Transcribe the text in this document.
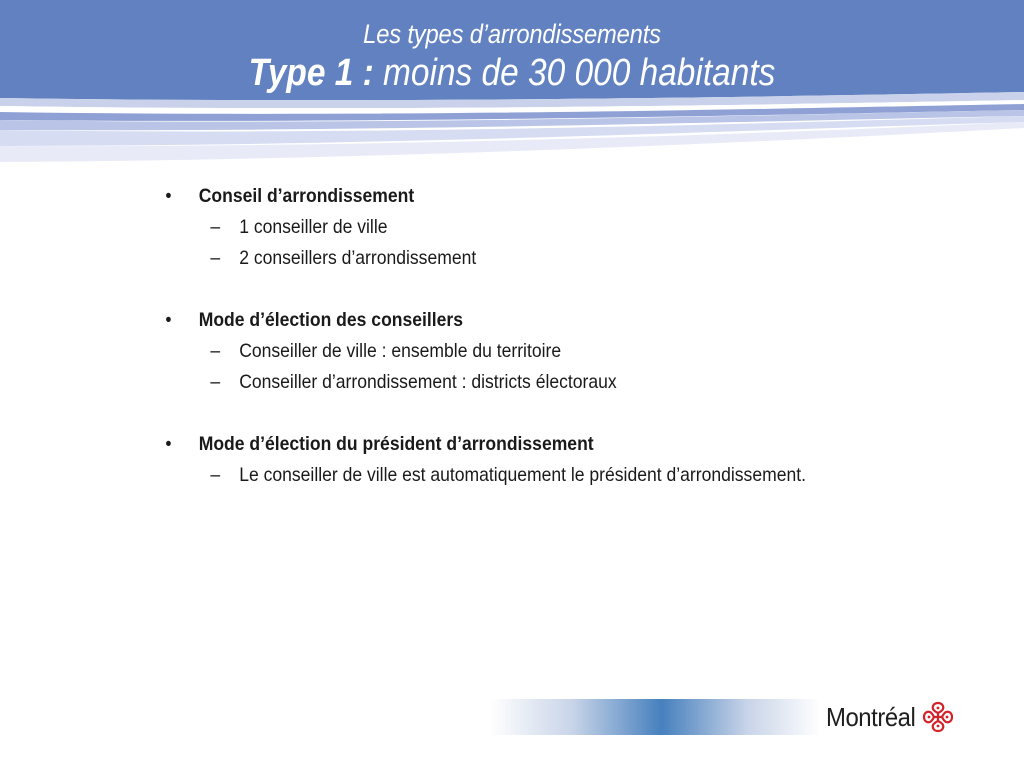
Les types d’arrondissements
Type 1 : moins de 30 000 habitants
• Conseil d’arrondissement
– 1 conseiller de ville
– 2 conseillers d’arrondissement
• Mode d’élection des conseillers
– Conseiller de ville : ensemble du territoire
– Conseiller d’arrondissement : districts électoraux
• Mode d’élection du président d’arrondissement
– Le conseiller de ville est automatiquement le président d’arrondissement.
Montréal
